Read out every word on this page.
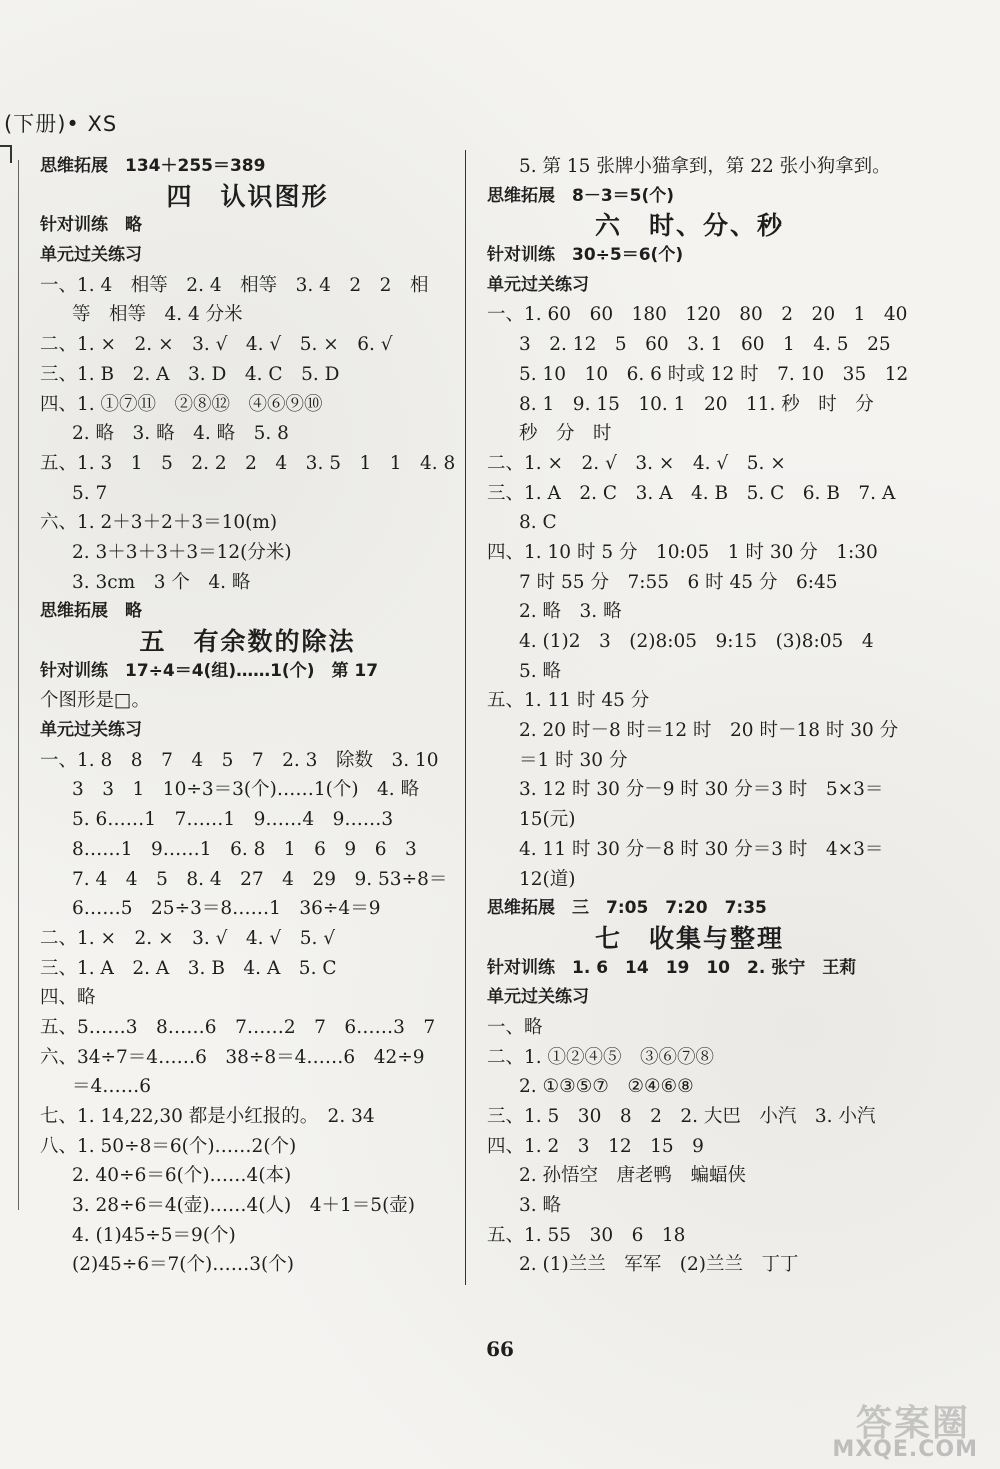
(下册)• XS
思维拓展　134＋255＝389
四　认识图形
针对训练　略
单元过关练习
一、1. 4　相等　2. 4　相等　3. 4　2　2　相
等　相等　4. 4 分米
二、1. ×　2. ×　3. √　4. √　5. ×　6. √
三、1. B　2. A　3. D　4. C　5. D
四、1. ①⑦⑪　②⑧⑫　④⑥⑨⑩
2. 略　3. 略　4. 略　5. 8
五、1. 3　1　5　2. 2　2　4　3. 5　1　1　4. 8
5. 7
六、1. 2＋3＋2＋3＝10(m)
2. 3＋3＋3＋3＝12(分米)
3. 3cm　3 个　4. 略
思维拓展　略
五　有余数的除法
针对训练　17÷4＝4(组)……1(个)　第 17
个图形是□。
单元过关练习
一、1. 8　8　7　4　5　7　2. 3　除数　3. 10
3　3　1　10÷3＝3(个)……1(个)　4. 略
5. 6……1　7……1　9……4　9……3
8……1　9……1　6. 8　1　6　9　6　3
7. 4　4　5　8. 4　27　4　29　9. 53÷8＝
6……5　25÷3＝8……1　36÷4＝9
二、1. ×　2. ×　3. √　4. √　5. √
三、1. A　2. A　3. B　4. A　5. C
四、略
五、5……3　8……6　7……2　7　6……3　7
六、34÷7＝4……6　38÷8＝4……6　42÷9
＝4……6
七、1. 14,22,30 都是小红报的。　2. 34
八、1. 50÷8＝6(个)……2(个)
2. 40÷6＝6(个)……4(本)
3. 28÷6＝4(壶)……4(人)　4＋1＝5(壶)
4. (1)45÷5＝9(个)
(2)45÷6＝7(个)……3(个)
5. 第 15 张牌小猫拿到，第 22 张小狗拿到。
思维拓展　8－3＝5(个)
六　时、分、秒
针对训练　30÷5＝6(个)
单元过关练习
一、1. 60　60　180　120　80　2　20　1　40
3　2. 12　5　60　3. 1　60　1　4. 5　25
5. 10　10　6. 6 时或 12 时　7. 10　35　12
8. 1　9. 15　10. 1　20　11. 秒　时　分
秒　分　时
二、1. ×　2. √　3. ×　4. √　5. ×
三、1. A　2. C　3. A　4. B　5. C　6. B　7. A
8. C
四、1. 10 时 5 分　10:05　1 时 30 分　1:30
7 时 55 分　7:55　6 时 45 分　6:45
2. 略　3. 略
4. (1)2　3　(2)8:05　9:15　(3)8:05　4
5. 略
五、1. 11 时 45 分
2. 20 时－8 时＝12 时　20 时－18 时 30 分
＝1 时 30 分
3. 12 时 30 分－9 时 30 分＝3 时　5×3＝
15(元)
4. 11 时 30 分－8 时 30 分＝3 时　4×3＝
12(道)
思维拓展　三　7:05　7:20　7:35
七　收集与整理
针对训练　1. 6　14　19　10　2. 张宁　王莉
单元过关练习
一、略
二、1. ①②④⑤　③⑥⑦⑧
2. ①③⑤⑦　②④⑥⑧
三、1. 5　30　8　2　2. 大巴　小汽　3. 小汽
四、1. 2　3　12　15　9
2. 孙悟空　唐老鸭　蝙蝠侠
3. 略
五、1. 55　30　6　18
2. (1)兰兰　军军　(2)兰兰　丁丁
66
答案圈
MXQE.COM
